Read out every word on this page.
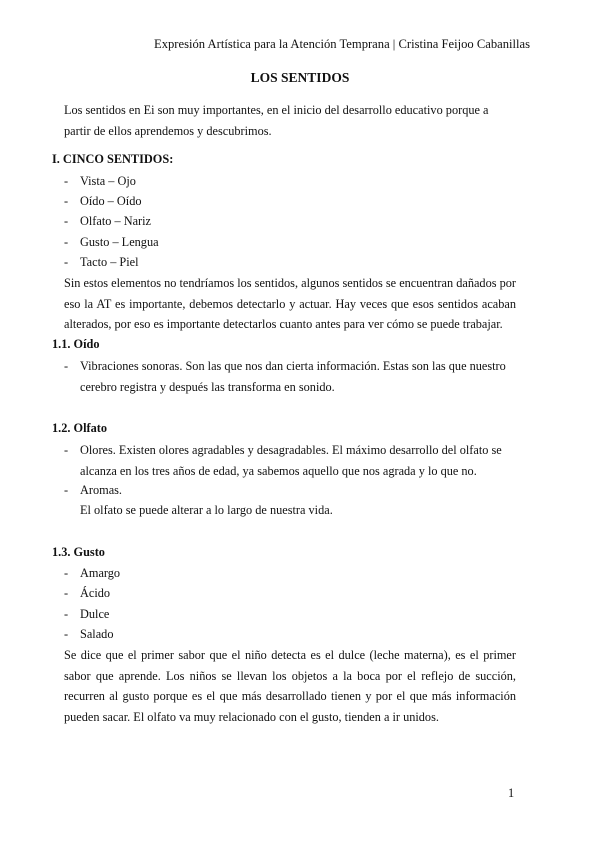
Expresión Artística para la Atención Temprana | Cristina Feijoo Cabanillas
LOS SENTIDOS
Los sentidos en Ei son muy importantes, en el inicio del desarrollo educativo porque a partir de ellos aprendemos y descubrimos.
I. CINCO SENTIDOS:
- Vista – Ojo
- Oído – Oído
- Olfato – Nariz
- Gusto – Lengua
- Tacto – Piel
Sin estos elementos no tendríamos los sentidos, algunos sentidos se encuentran dañados por eso la AT es importante, debemos detectarlo y actuar. Hay veces que esos sentidos acaban alterados, por eso es importante detectarlos cuanto antes para ver cómo se puede trabajar.
1.1. Oído
- Vibraciones sonoras. Son las que nos dan cierta información. Estas son las que nuestro cerebro registra y después las transforma en sonido.
1.2. Olfato
- Olores. Existen olores agradables y desagradables. El máximo desarrollo del olfato se alcanza en los tres años de edad, ya sabemos aquello que nos agrada y lo que no.
- Aromas.
El olfato se puede alterar a lo largo de nuestra vida.
1.3. Gusto
- Amargo
- Ácido
- Dulce
- Salado
Se dice que el primer sabor que el niño detecta es el dulce (leche materna), es el primer sabor que aprende. Los niños se llevan los objetos a la boca por el reflejo de succión, recurren al gusto porque es el que más desarrollado tienen y por el que más información pueden sacar. El olfato va muy relacionado con el gusto, tienden a ir unidos.
1
